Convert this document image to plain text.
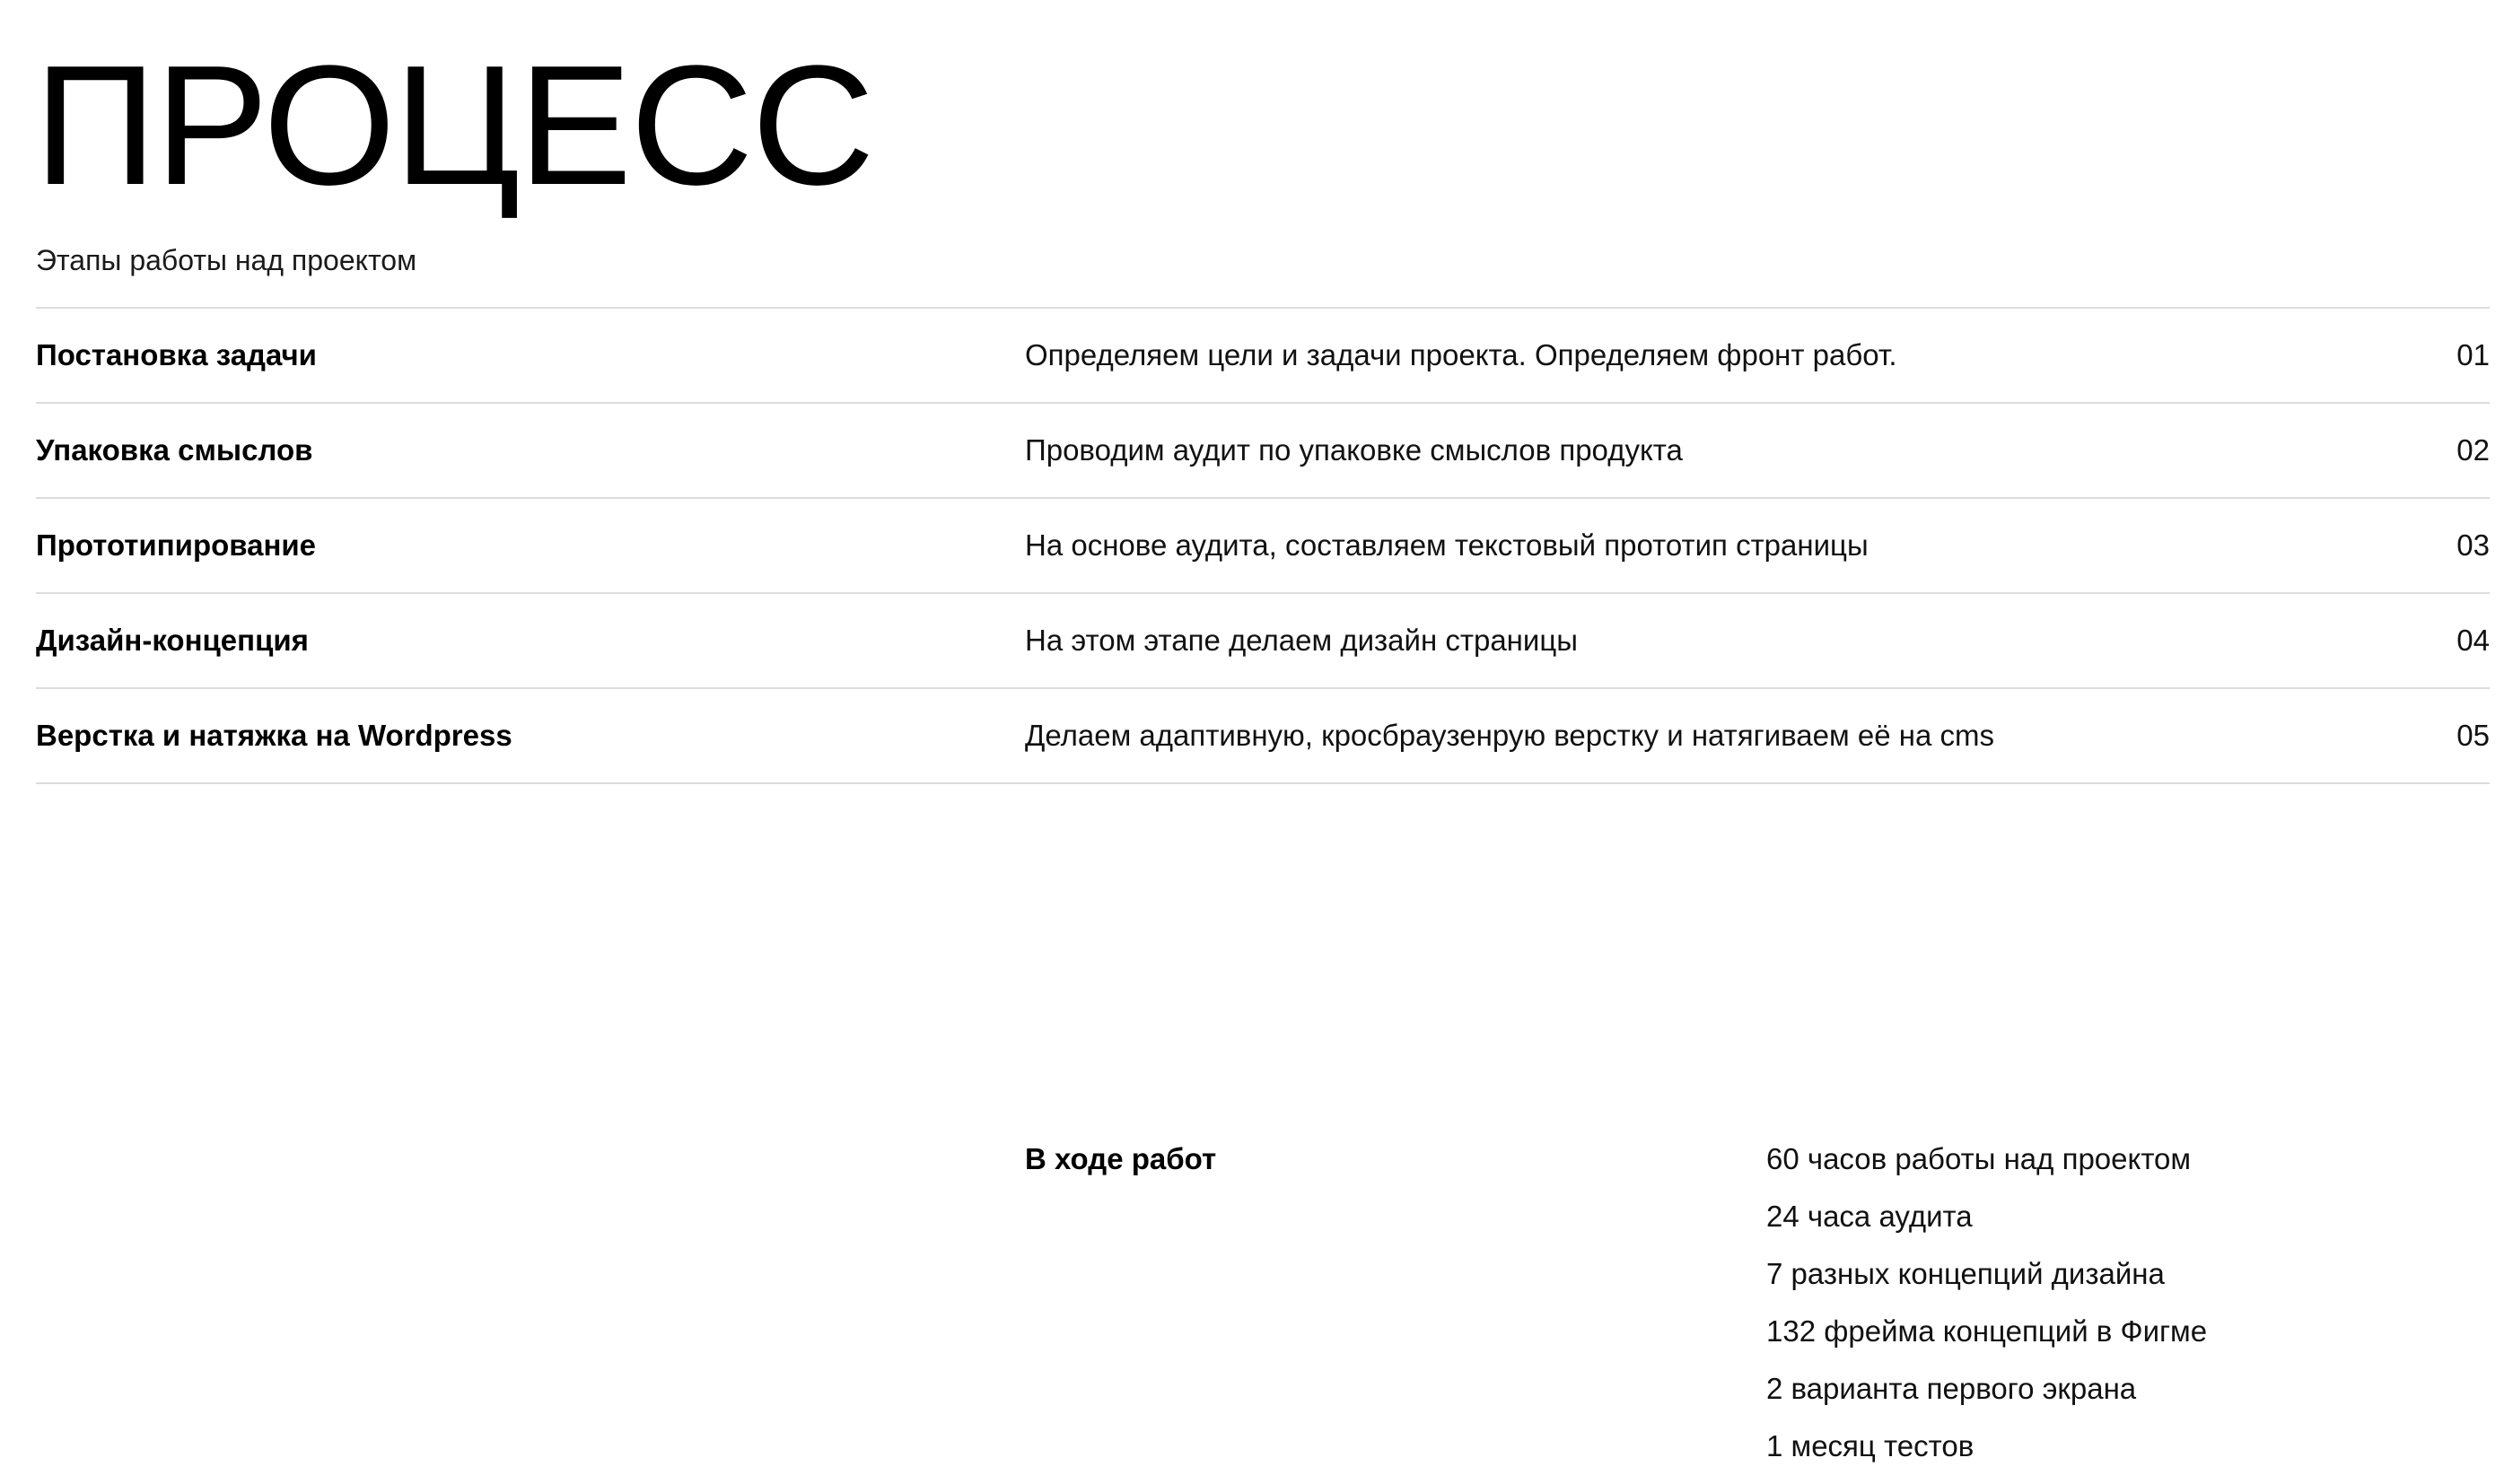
ПРОЦЕСС
Этапы работы над проектом
Постановка задачи	Определяем цели и задачи проекта. Определяем фронт работ.	01
Упаковка смыслов	Проводим аудит по упаковке смыслов продукта	02
Прототипирование	На основе аудита, составляем текстовый прототип страницы	03
Дизайн-концепция	На этом этапе делаем дизайн страницы	04
Верстка и натяжка на Wordpress	Делаем адаптивную, кросбраузенрую верстку и натягиваем её на cms	05
В ходе работ	60 часов работы над проектом
24 часа аудита
7 разных концепций дизайна
132 фрейма концепций в Фигме
2 варианта первого экрана
1 месяц тестов
